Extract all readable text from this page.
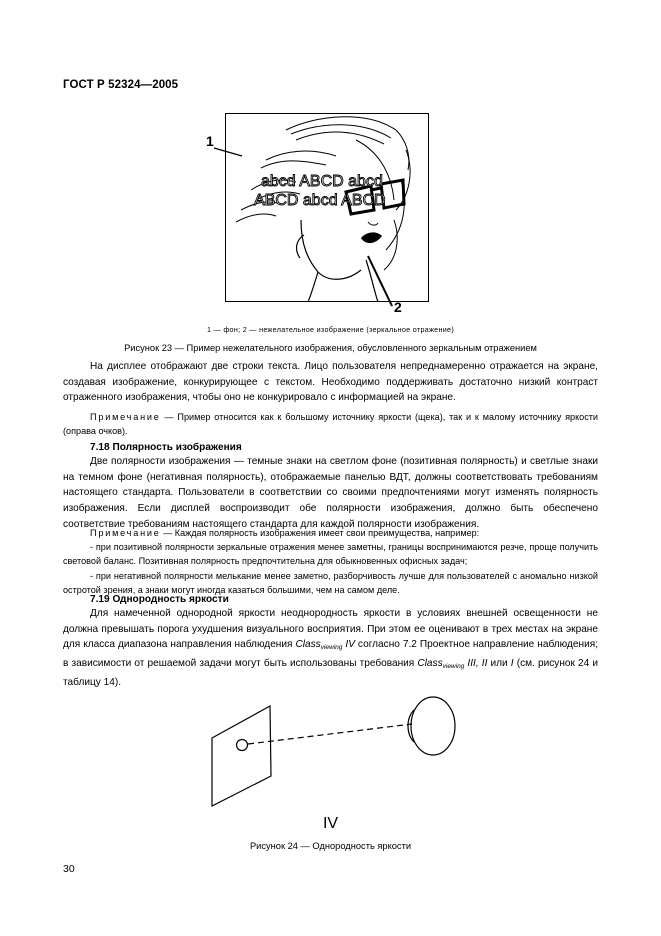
ГОСТ Р 52324—2005
abcd ABCD abcd
ABCD abcd ABCD
1
2
1 — фон; 2 — нежелательное изображение (зеркальное отражение)
Рисунок 23 — Пример нежелательного изображения, обусловленного зеркальным отражением
На дисплее отображают две строки текста. Лицо пользователя непреднамеренно отражается на экране, создавая изображение, конкурирующее с текстом. Необходимо поддерживать достаточно низкий контраст отраженного изображения, чтобы оно не конкурировало с информацией на экране.
Примечание — Пример относится как к большому источнику яркости (щека), так и к малому источнику яркости (оправа очков).
7.18 Полярность изображения
Две полярности изображения — темные знаки на светлом фоне (позитивная полярность) и светлые знаки на темном фоне (негативная полярность), отображаемые панелью ВДТ, должны соответствовать требованиям настоящего стандарта. Пользователи в соответствии со своими предпочтениями могут изменять полярность изображения. Если дисплей воспроизводит обе полярности изображения, должно быть обеспечено соответствие требованиям настоящего стандарта для каждой полярности изображения.
Примечание — Каждая полярность изображения имеет свои преимущества, например:
- при позитивной полярности зеркальные отражения менее заметны, границы воспринимаются резче, проще получить световой баланс. Позитивная полярность предпочтительна для обыкновенных офисных задач;
- при негативной полярности мелькание менее заметно, разборчивость лучше для пользователей с аномально низкой остротой зрения, а знаки могут иногда казаться большими, чем на самом деле.
7.19 Однородность яркости
Для намеченной однородной яркости неоднородность яркости в условиях внешней освещенности не должна превышать порога ухудшения визуального восприятия. При этом ее оценивают в трех местах на экране для класса диапазона направления наблюдения Class$_{viewing}$ IV согласно 7.2 Проектное направление наблюдения; в зависимости от решаемой задачи могут быть использованы требования Class$_{viewing}$ III, II или I (см. рисунок 24 и таблицу 14).
IV
Рисунок 24 — Однородность яркости
30
